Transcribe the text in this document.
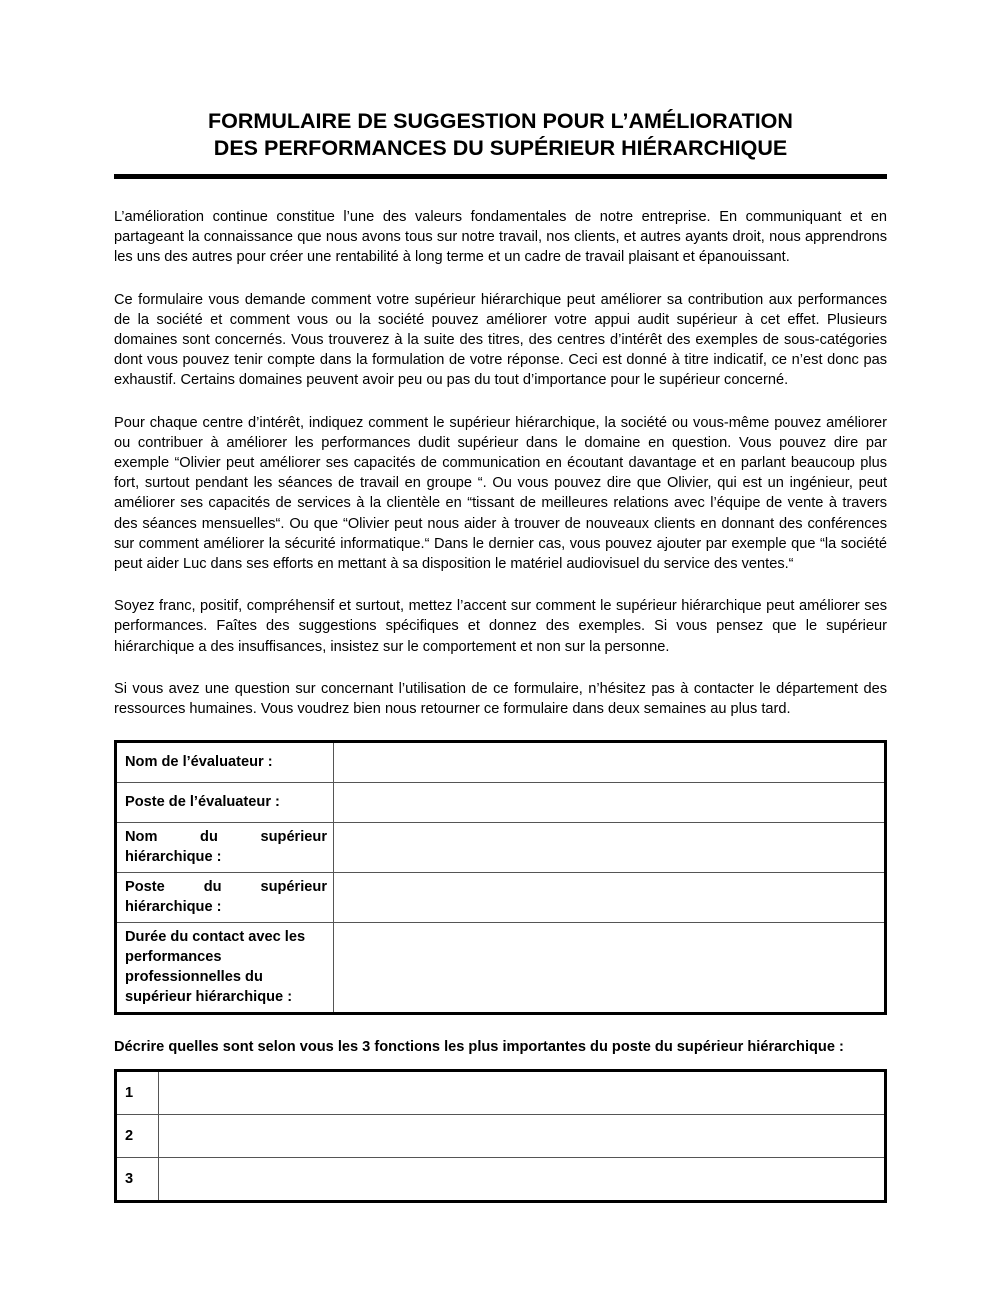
FORMULAIRE DE SUGGESTION POUR L’AMÉLIORATION
DES PERFORMANCES DU SUPÉRIEUR HIÉRARCHIQUE

L’amélioration continue constitue l’une des valeurs fondamentales de notre entreprise. En communiquant et en partageant la connaissance que nous avons tous sur notre travail, nos clients, et autres ayants droit, nous apprendrons les uns des autres pour créer une rentabilité à long terme et un cadre de travail plaisant et épanouissant.

Ce formulaire vous demande comment votre supérieur hiérarchique peut améliorer sa contribution aux performances de la société et comment vous ou la société pouvez améliorer votre appui audit supérieur à cet effet. Plusieurs domaines sont concernés. Vous trouverez à la suite des titres, des centres d’intérêt des exemples de sous-catégories dont vous pouvez tenir compte dans la formulation de votre réponse. Ceci est donné à titre indicatif, ce n’est donc pas exhaustif. Certains domaines peuvent avoir peu ou pas du tout d’importance pour le supérieur concerné.

Pour chaque centre d’intérêt, indiquez comment le supérieur hiérarchique, la société ou vous-même pouvez améliorer ou contribuer à améliorer les performances dudit supérieur dans le domaine en question. Vous pouvez dire par exemple “Olivier peut améliorer ses capacités de communication en écoutant davantage et en parlant beaucoup plus fort, surtout pendant les séances de travail en groupe “. Ou vous pouvez dire que Olivier, qui est un ingénieur, peut améliorer ses capacités de services à la clientèle en “tissant de meilleures relations avec l’équipe de vente à travers des séances mensuelles“. Ou que “Olivier peut nous aider à trouver de nouveaux clients en donnant des conférences sur comment améliorer la sécurité informatique.“ Dans le dernier cas, vous pouvez ajouter par exemple que “la société peut aider Luc dans ses efforts en mettant à sa disposition le matériel audiovisuel du service des ventes.“

Soyez franc, positif, compréhensif et surtout, mettez l’accent sur comment le supérieur hiérarchique peut améliorer ses performances. Faîtes des suggestions spécifiques et donnez des exemples. Si vous pensez que le supérieur hiérarchique a des insuffisances, insistez sur le comportement et non sur la personne.

Si vous avez une question sur concernant l’utilisation de ce formulaire, n’hésitez pas à contacter le département des ressources humaines. Vous voudrez bien nous retourner ce formulaire dans deux semaines au plus tard.

Nom de l’évaluateur :	
Poste de l’évaluateur :	
Nom du supérieur hiérarchique :	
Poste du supérieur hiérarchique :	
Durée du contact avec les performances professionnelles du supérieur hiérarchique :	

Décrire quelles sont selon vous les 3 fonctions les plus importantes du poste du supérieur hiérarchique :

1	
2	
3	
